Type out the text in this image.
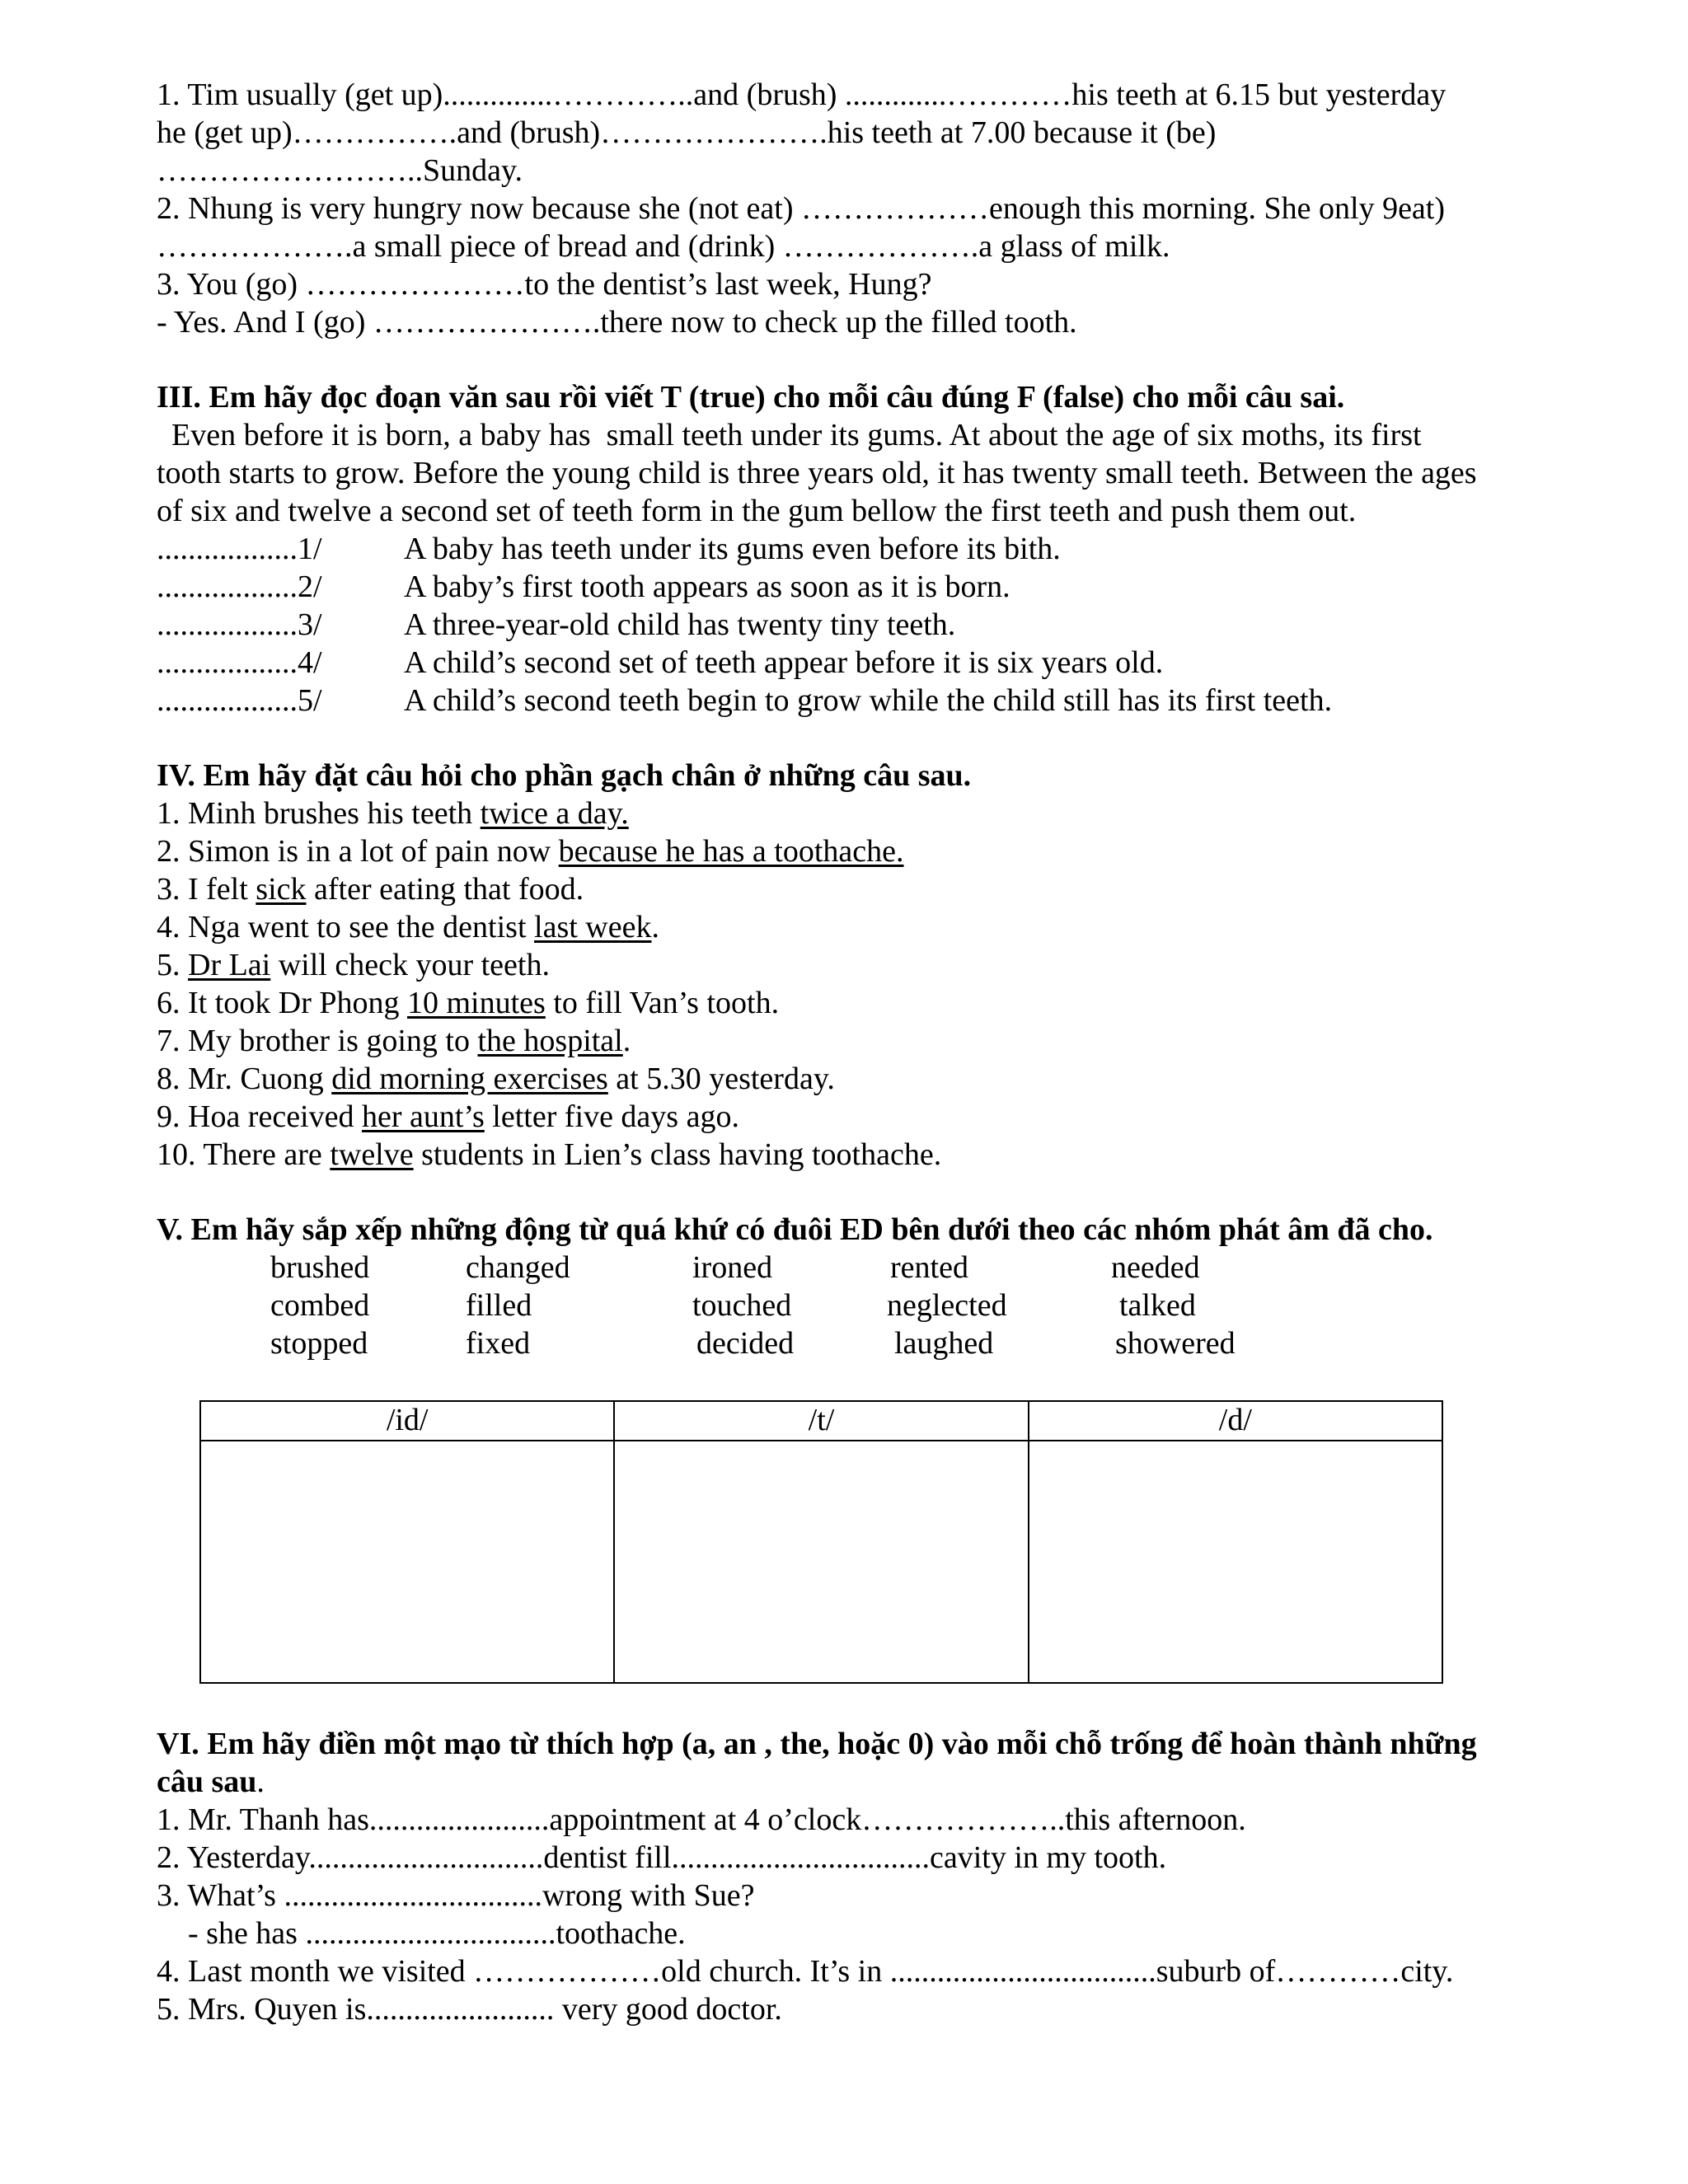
1. Tim usually (get up)..............…………..and (brush) .............…………his teeth at 6.15 but yesterday

he (get up)…………….and (brush)………………….his teeth at 7.00 because it (be)

……………………..Sunday.

2. Nhung is very hungry now because she (not eat) ………………enough this morning. She only 9eat)

……………….a small piece of bread and (drink) ……………….a glass of milk.

3. You (go) …………………to the dentist’s last week, Hung?

- Yes. And I (go) ………………….there now to check up the filled tooth.

III. Em hãy đọc đoạn văn sau rồi viết T (true) cho mỗi câu đúng F (false) cho mỗi câu sai.

Even before it is born, a baby has  small teeth under its gums. At about the age of six moths, its first

tooth starts to grow. Before the young child is three years old, it has twenty small teeth. Between the ages

of six and twelve a second set of teeth form in the gum bellow the first teeth and push them out.

..................1/	A baby has teeth under its gums even before its bith.
..................2/	A baby’s first tooth appears as soon as it is born.
..................3/	A three-year-old child has twenty tiny teeth.
..................4/	A child’s second set of teeth appear before it is six years old.
..................5/	A child’s second teeth begin to grow while the child still has its first teeth.

IV. Em hãy đặt câu hỏi cho phần gạch chân ở những câu sau.

1. Minh brushes his teeth twice a day.

2. Simon is in a lot of pain now because he has a toothache.

3. I felt sick after eating that food.

4. Nga went to see the dentist last week.

5. Dr Lai will check your teeth.

6. It took Dr Phong 10 minutes to fill Van’s tooth.

7. My brother is going to the hospital.

8. Mr. Cuong did morning exercises at 5.30 yesterday.

9. Hoa received her aunt’s letter five days ago.

10. There are twelve students in Lien’s class having toothache.

V. Em hãy sắp xếp những động từ quá khứ có đuôi ED bên dưới theo các nhóm phát âm đã cho.

brushed	changed	ironed	rented	needed
combed	filled	touched	neglected	talked
stopped	fixed	decided	laughed	showered
/id/	/t/	/d/

VI. Em hãy điền một mạo từ thích hợp (a, an , the, hoặc 0) vào mỗi chỗ trống để hoàn thành những

câu sau.

1. Mr. Thanh has.......................appointment at 4 o’clock………………..this afternoon.

2. Yesterday..............................dentist fill.................................cavity in my tooth.

3. What’s .................................wrong with Sue?

- she has ................................toothache.

4. Last month we visited ………………old church. It’s in ..................................suburb of…………city.

5. Mrs. Quyen is........................ very good doctor.
